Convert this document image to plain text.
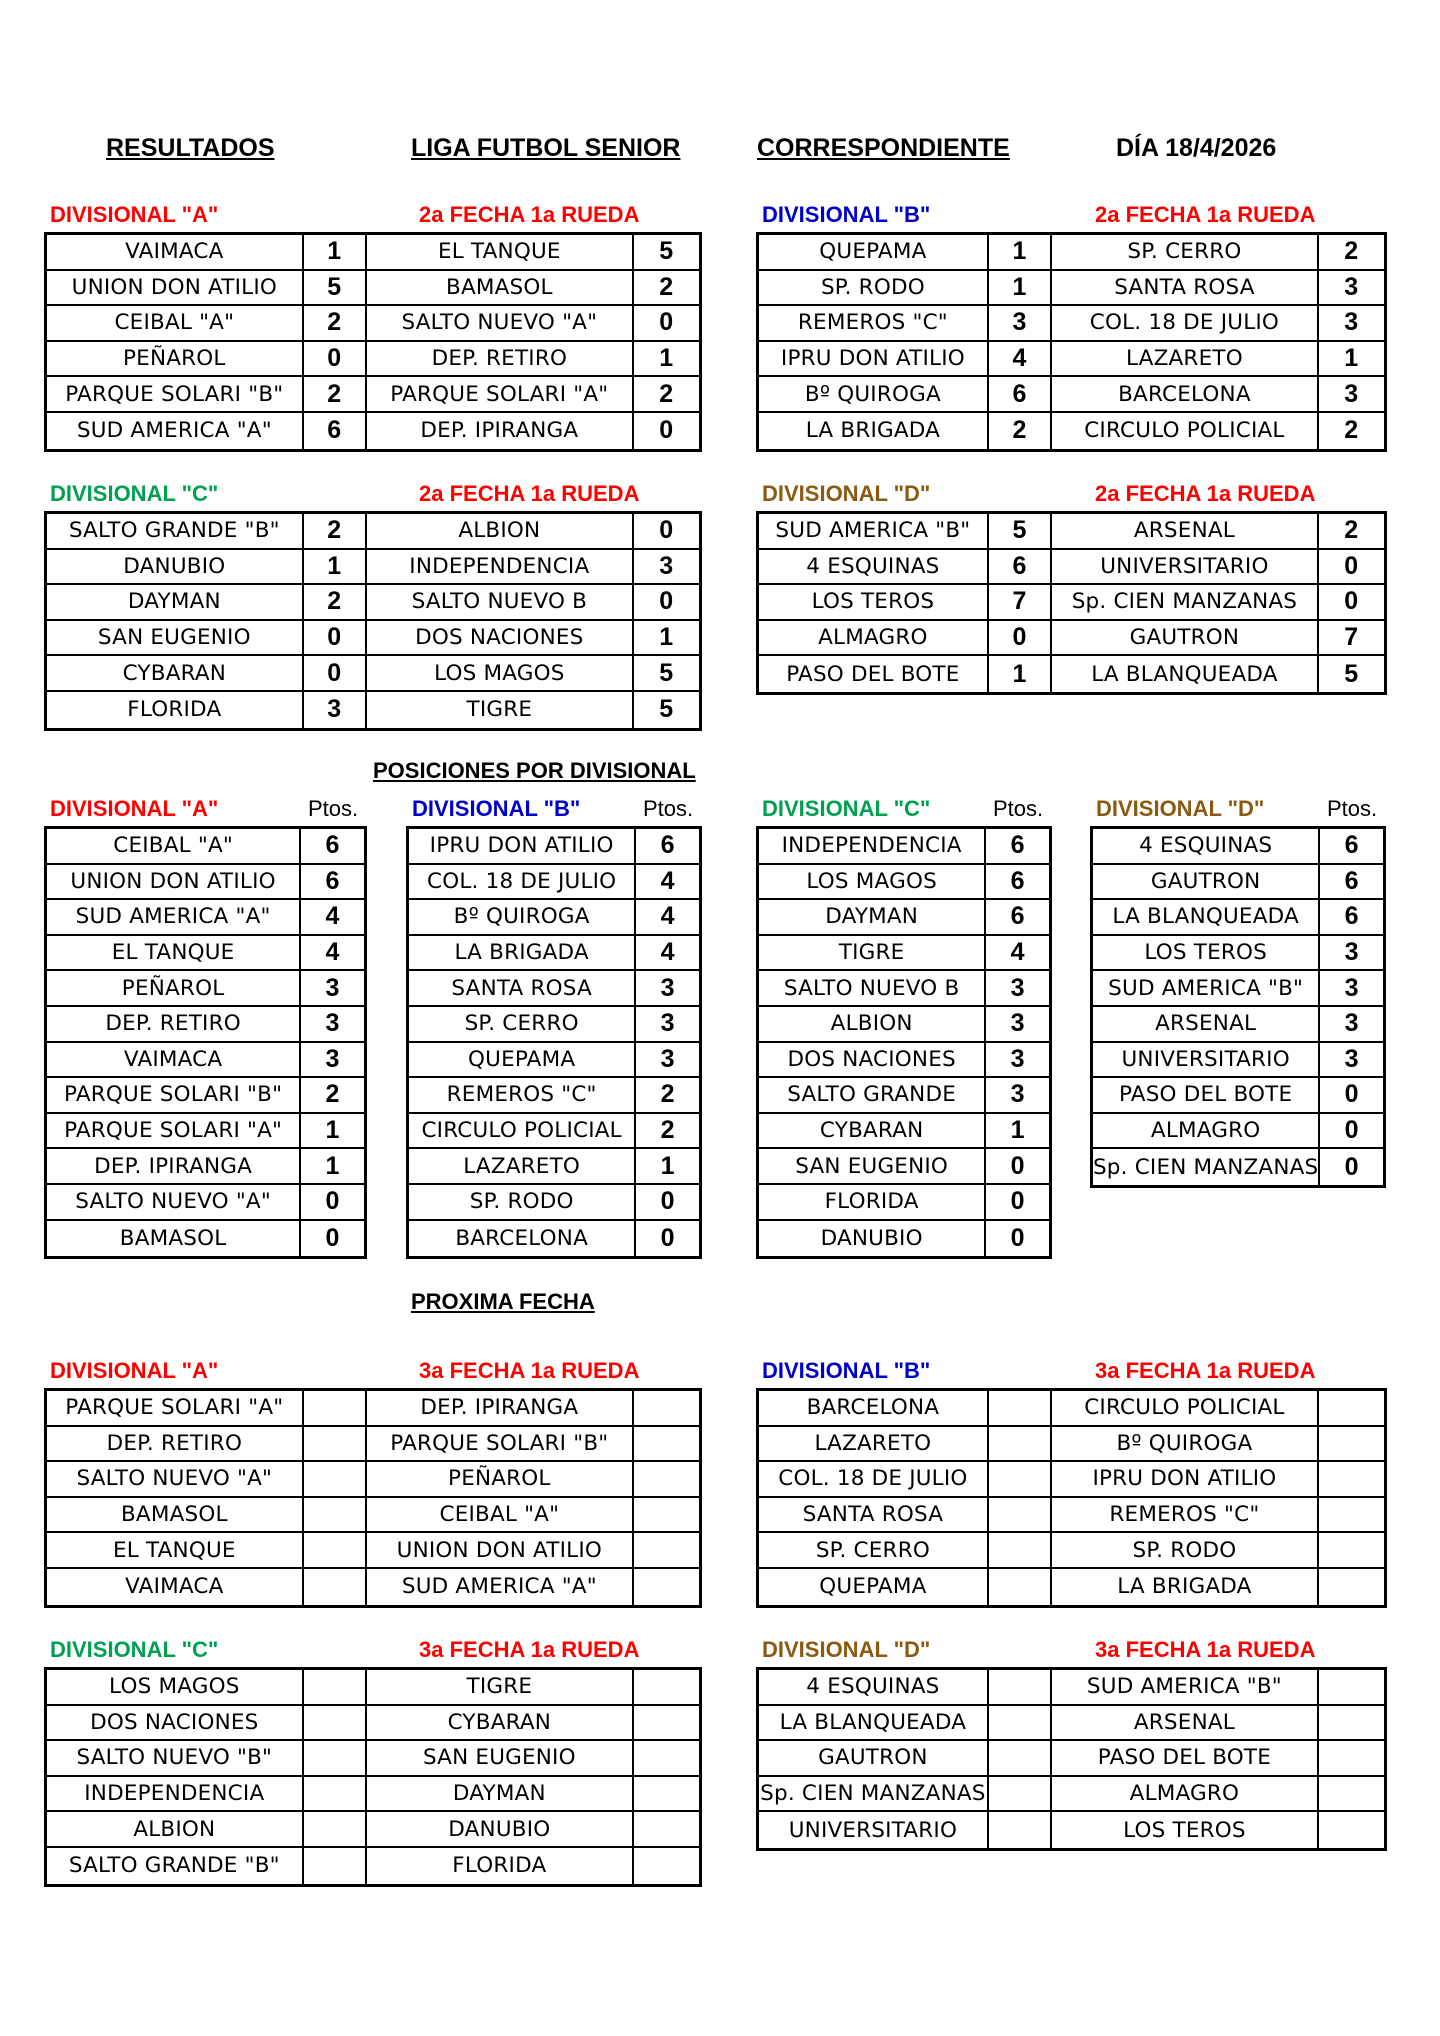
RESULTADOS	LIGA FUTBOL SENIOR	CORRESPONDIENTE	DÍA 18/4/2026
POSICIONES POR DIVISIONAL
PROXIMA FECHA
DIVISIONAL "A"	2a FECHA 1a RUEDA
VAIMACA	1	EL TANQUE	5
UNION DON ATILIO	5	BAMASOL	2
CEIBAL "A"	2	SALTO NUEVO "A"	0
PEÑAROL	0	DEP. RETIRO	1
PARQUE SOLARI "B"	2	PARQUE SOLARI "A"	2
SUD AMERICA "A"	6	DEP. IPIRANGA	0
DIVISIONAL "B"	2a FECHA 1a RUEDA
QUEPAMA	1	SP. CERRO	2
SP. RODO	1	SANTA ROSA	3
REMEROS "C"	3	COL. 18 DE JULIO	3
IPRU DON ATILIO	4	LAZARETO	1
Bº QUIROGA	6	BARCELONA	3
LA BRIGADA	2	CIRCULO POLICIAL	2
DIVISIONAL "C"	2a FECHA 1a RUEDA
SALTO GRANDE "B"	2	ALBION	0
DANUBIO	1	INDEPENDENCIA	3
DAYMAN	2	SALTO NUEVO B	0
SAN EUGENIO	0	DOS NACIONES	1
CYBARAN	0	LOS MAGOS	5
FLORIDA	3	TIGRE	5
DIVISIONAL "D"	2a FECHA 1a RUEDA
SUD AMERICA "B"	5	ARSENAL	2
4 ESQUINAS	6	UNIVERSITARIO	0
LOS TEROS	7	Sp. CIEN MANZANAS	0
ALMAGRO	0	GAUTRON	7
PASO DEL BOTE	1	LA BLANQUEADA	5
DIVISIONAL "A"	Ptos.
CEIBAL "A"	6
UNION DON ATILIO	6
SUD AMERICA "A"	4
EL TANQUE	4
PEÑAROL	3
DEP. RETIRO	3
VAIMACA	3
PARQUE SOLARI "B"	2
PARQUE SOLARI "A"	1
DEP. IPIRANGA	1
SALTO NUEVO "A"	0
BAMASOL	0
DIVISIONAL "B"	Ptos.
IPRU DON ATILIO	6
COL. 18 DE JULIO	4
Bº QUIROGA	4
LA BRIGADA	4
SANTA ROSA	3
SP. CERRO	3
QUEPAMA	3
REMEROS "C"	2
CIRCULO POLICIAL	2
LAZARETO	1
SP. RODO	0
BARCELONA	0
DIVISIONAL "C"	Ptos.
INDEPENDENCIA	6
LOS MAGOS	6
DAYMAN	6
TIGRE	4
SALTO NUEVO B	3
ALBION	3
DOS NACIONES	3
SALTO GRANDE	3
CYBARAN	1
SAN EUGENIO	0
FLORIDA	0
DANUBIO	0
DIVISIONAL "D"	Ptos.
4 ESQUINAS	6
GAUTRON	6
LA BLANQUEADA	6
LOS TEROS	3
SUD AMERICA "B"	3
ARSENAL	3
UNIVERSITARIO	3
PASO DEL BOTE	0
ALMAGRO	0
Sp. CIEN MANZANAS	0
DIVISIONAL "A"	3a FECHA 1a RUEDA
PARQUE SOLARI "A"	DEP. IPIRANGA
DEP. RETIRO	PARQUE SOLARI "B"
SALTO NUEVO "A"	PEÑAROL
BAMASOL	CEIBAL "A"
EL TANQUE	UNION DON ATILIO
VAIMACA	SUD AMERICA "A"
DIVISIONAL "B"	3a FECHA 1a RUEDA
BARCELONA	CIRCULO POLICIAL
LAZARETO	Bº QUIROGA
COL. 18 DE JULIO	IPRU DON ATILIO
SANTA ROSA	REMEROS "C"
SP. CERRO	SP. RODO
QUEPAMA	LA BRIGADA
DIVISIONAL "C"	3a FECHA 1a RUEDA
LOS MAGOS	TIGRE
DOS NACIONES	CYBARAN
SALTO NUEVO "B"	SAN EUGENIO
INDEPENDENCIA	DAYMAN
ALBION	DANUBIO
SALTO GRANDE "B"	FLORIDA
DIVISIONAL "D"	3a FECHA 1a RUEDA
4 ESQUINAS	SUD AMERICA "B"
LA BLANQUEADA	ARSENAL
GAUTRON	PASO DEL BOTE
Sp. CIEN MANZANAS	ALMAGRO
UNIVERSITARIO	LOS TEROS
